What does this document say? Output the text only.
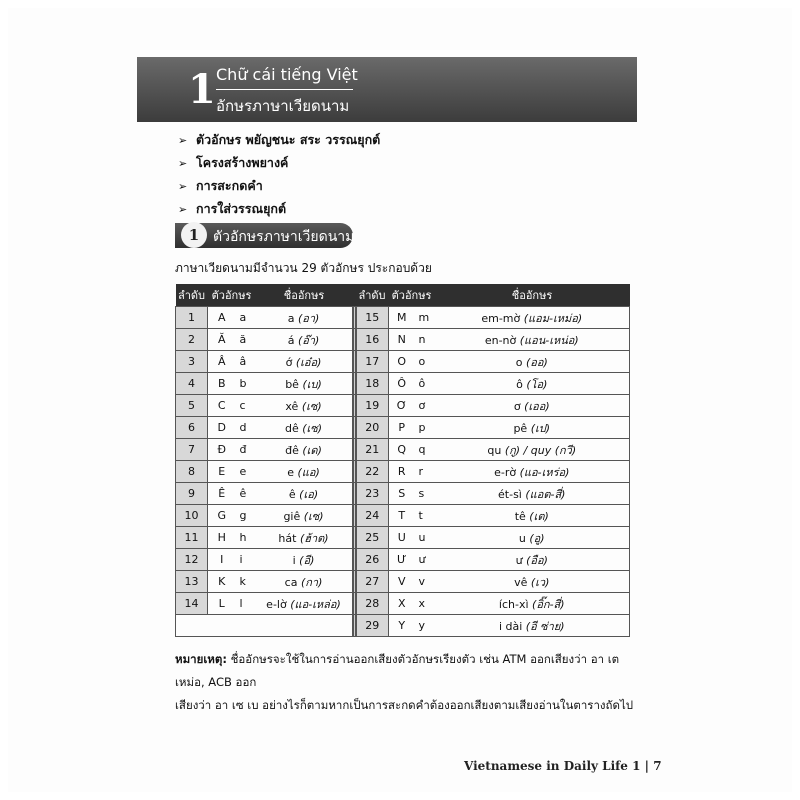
1 Chữ cái tiếng Việt
อักษรภาษาเวียดนาม
➢ ตัวอักษร พยัญชนะ สระ วรรณยุกต์
➢ โครงสร้างพยางค์
➢ การสะกดคำ
➢ การใส่วรรณยุกต์
1 ตัวอักษรภาษาเวียดนาม
ภาษาเวียดนามมีจำนวน 29 ตัวอักษร ประกอบด้วย
ลำดับ	ตัวอักษร		ชื่ออักษร		ลำดับ	ตัวอักษร		ชื่ออักษร
1	A	a	a (อา)		15	M	m	em-mờ (แอม-เหม่อ)
2	Ă	ă	á (อ๊า)		16	N	n	en-nờ (แอน-เหน่อ)
3	Â	â	ớ (เอ๋อ)		17	O	o	o (ออ)
4	B	b	bê (เบ)		18	Ô	ô	ô (โอ)
5	C	c	xê (เซ)		19	Ơ	ơ	ơ (เออ)
6	D	d	dê (เซ)		20	P	p	pê (เป)
7	Đ	đ	đê (เด)		21	Q	q	qu (กู) / quy (กวี)
8	E	e	e (แอ)		22	R	r	e-rờ (แอ-เหร่อ)
9	Ê	ê	ê (เอ)		23	S	s	ét-sì (แอต-สี่)
10	G	g	giê (เซ)		24	T	t	tê (เต)
11	H	h	hát (ฮ้าต)		25	U	u	u (อู)
12	I	i	i (อี)		26	Ư	ư	ư (อือ)
13	K	k	ca (กา)		27	V	v	vê (เว)
14	L	l	e-lờ (แอ-เหล่อ)		28	X	x	ích-xì (อิ๊ก-สี่)
					29	Y	y	i dài (อี ซ่าย)
หมายเหตุ: ชื่ออักษรจะใช้ในการอ่านออกเสียงตัวอักษรเรียงตัว เช่น ATM ออกเสียงว่า อา เต เหม่อ, ACB ออก
เสียงว่า อา เซ เบ อย่างไรก็ตามหากเป็นการสะกดคำต้องออกเสียงตามเสียงอ่านในตารางถัดไป
Vietnamese in Daily Life 1 | 7
